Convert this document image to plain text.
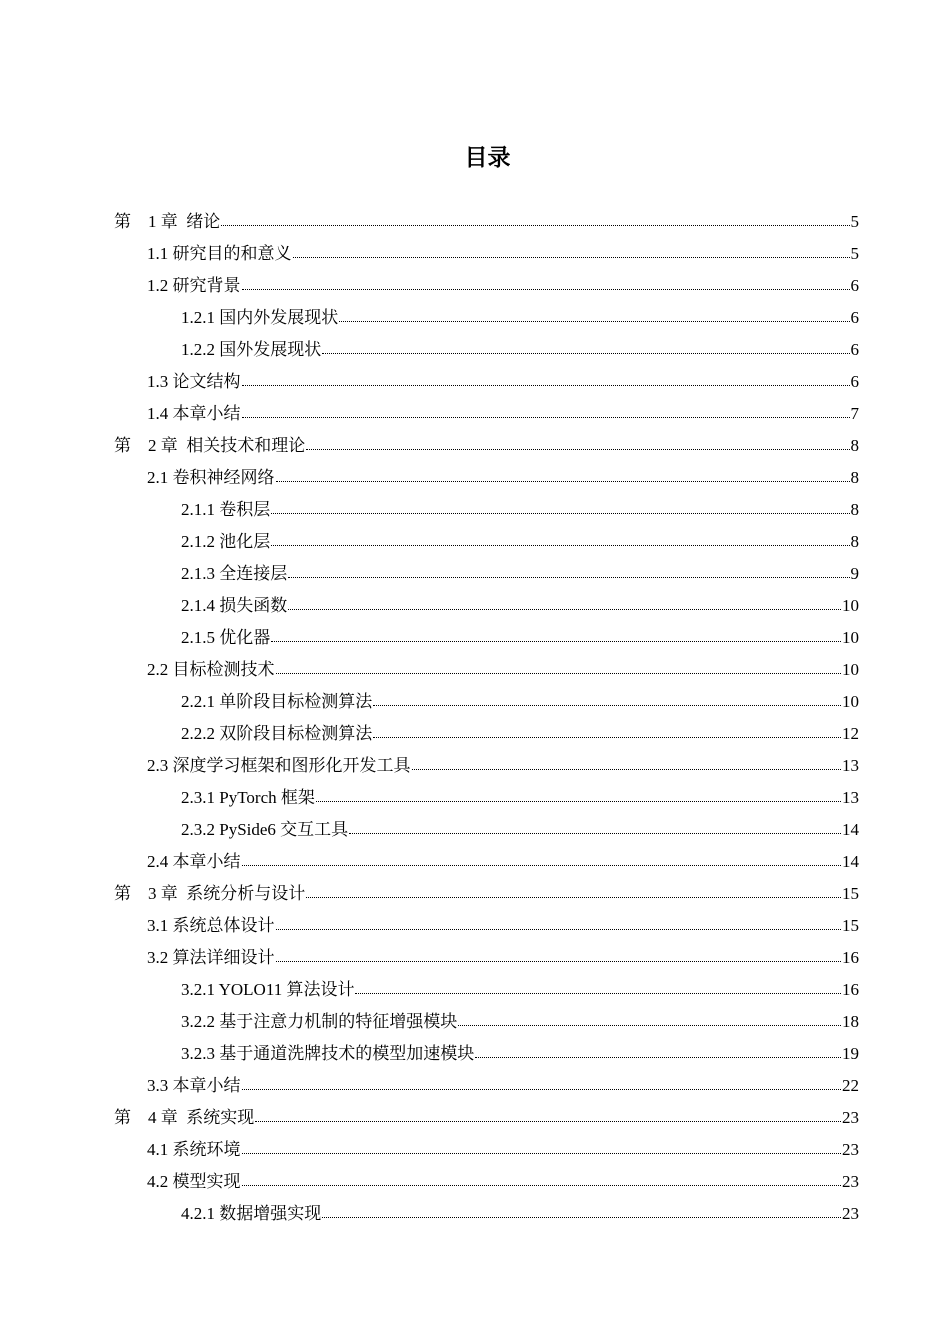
目录
第　1 章  绪论	5
1.1 研究目的和意义	5
1.2 研究背景	6
1.2.1 国内外发展现状	6
1.2.2 国外发展现状	6
1.3 论文结构	6
1.4 本章小结	7
第　2 章  相关技术和理论	8
2.1 卷积神经网络	8
2.1.1 卷积层	8
2.1.2 池化层	8
2.1.3 全连接层	9
2.1.4 损失函数	10
2.1.5 优化器	10
2.2 目标检测技术	10
2.2.1 单阶段目标检测算法	10
2.2.2 双阶段目标检测算法	12
2.3 深度学习框架和图形化开发工具	13
2.3.1 PyTorch 框架	13
2.3.2 PySide6 交互工具	14
2.4 本章小结	14
第　3 章  系统分析与设计	15
3.1 系统总体设计	15
3.2 算法详细设计	16
3.2.1 YOLO11 算法设计	16
3.2.2 基于注意力机制的特征增强模块	18
3.2.3 基于通道洗牌技术的模型加速模块	19
3.3 本章小结	22
第　4 章  系统实现	23
4.1 系统环境	23
4.2 模型实现	23
4.2.1 数据增强实现	23
